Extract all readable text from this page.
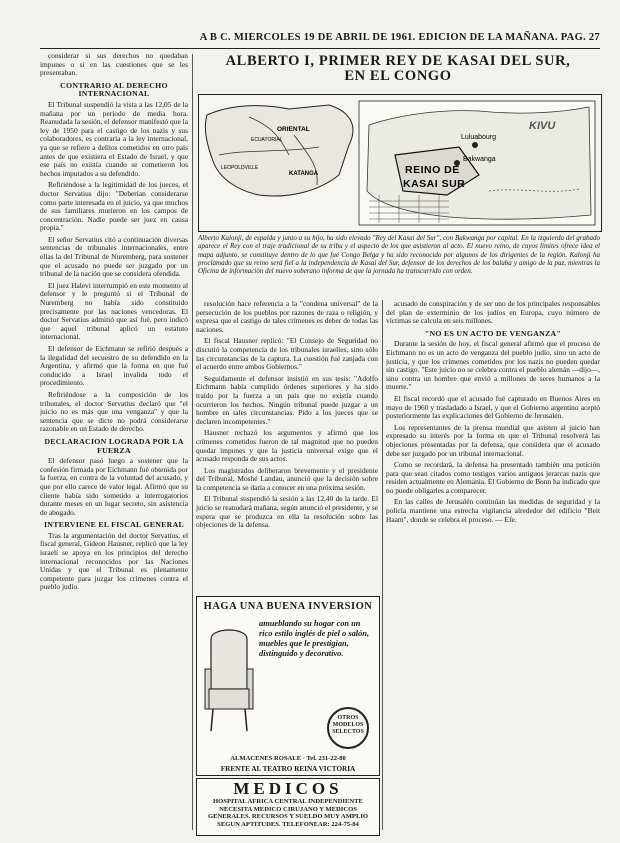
A B C. MIERCOLES 19 DE ABRIL DE 1961. EDICION DE LA MAÑANA. PAG. 27

considerar si sus derechos no quedaban impunes o si en las cuestiones que se les presentaban.

CONTRARIO AL DERECHO INTERNACIONAL

El Tribunal suspendió la vista a las 12,05 de la mañana por un período de media hora. Reanudada la sesión, el defensor manifestó que la ley de 1950 para el castigo de los nazis y sus colaboradores, es contraria a la ley internacional, ya que se refiere a delitos cometidos en otro país antes de que existiera el Estado de Israel, y que ese país no existía cuando se cometieron los hechos imputados a su defendido.

Refiriéndose a la legitimidad de los jueces, el doctor Servatius dijo: "Deberían considerarse como parte interesada en el juicio, ya que muchos de sus familiares murieron en los campos de concentración. Nadie puede ser juez en causa propia."

El señor Servatius citó a continuación diversas sentencias de tribunales internacionales, entre ellas la del Tribunal de Nuremberg, para sostener que el acusado no puede ser juzgado por un tribunal de la nación que se considera ofendida.

El juez Halevi interrumpió en este momento al defensor y le preguntó si el Tribunal de Nuremberg no había sido constituido precisamente por las naciones vencedoras. El doctor Servatius admitió que así fué, pero indicó que aquel tribunal aplicó un estatuto internacional.

El defensor de Eichmann se refirió después a la ilegalidad del secuestro de su defendido en la Argentina, y afirmó que la forma en que fué conducido a Israel invalida todo el procedimiento.

Refiriéndose a la composición de los tribunales, el doctor Servatius declaró que "el juicio no es más que una venganza" y que la sentencia que se dicte no podrá considerarse razonable en un Estado de derecho.

DECLARACION LOGRADA POR LA FUERZA

El defensor pasó luego a sostener que la confesión firmada por Eichmann fué obtenida por la fuerza, en contra de la voluntad del acusado, y que por ello carece de valor legal. Afirmó que su cliente había sido sometido a interrogatorios durante meses en un lugar secreto, sin asistencia de abogado.

INTERVIENE EL FISCAL GENERAL

Tras la argumentación del doctor Servatius, el fiscal general, Gideon Hausner, replicó que la ley israelí se apoya en los principios del derecho internacional reconocidos por las Naciones Unidas y que el Tribunal es plenamente competente para juzgar los crímenes contra el pueblo judío.

ALBERTO I, PRIMER REY DE KASAI DEL SUR,
EN EL CONGO
ORIENTAL
ECUATORIAL
LEOPOLDVILLE
KATANGA
Luluabourg
Bakwanga
KIVU
REINO DE
KASAI SUR
Alberto Kalonji, de espalda y junto a su hijo, ha sido elevado "Rey del Kasai del Sur", con Bakwanga por capital. En la izquierda del grabado aparece el Rey con el traje tradicional de su tribu y el aspecto de los que asistieron al acto. El nuevo reino, de cuyos límites ofrece idea el mapa adjunto, se constituye dentro de lo que fué Congo Belga y ha sido reconocido por algunos de los dirigentes de la región. Kalonji ha proclamado que su reino será fiel a la independencia de Kasai del Sur, defensor de los derechos de los baluba y amigo de la paz, mientras la Oficina de información del nuevo soberano informa de que la jornada ha transcurrido con orden.

resolución hace referencia a la "condena universal" de la persecución de los pueblos por razones de raza o religión, y expresa que el castigo de tales crímenes es deber de todas las naciones.

El fiscal Hausner replicó: "El Consejo de Seguridad no discutió la competencia de los tribunales israelíes, sino sólo las circunstancias de la captura. La cuestión fué zanjada con el acuerdo entre ambos Gobiernos."

Seguidamente el defensor insistió en sus tesis: "Adolfo Eichmann había cumplido órdenes superiores y ha sido traído por la fuerza a un país que no existía cuando ocurrieron los hechos. Ningún tribunal puede juzgar a un hombre en tales circunstancias. Pido a los jueces que se declaren incompetentes."

Hausner rechazó los argumentos y afirmó que los crímenes cometidos fueron de tal magnitud que no pueden quedar impunes y que la justicia universal exige que el acusado responda de sus actos.

Los magistrados deliberaron brevemente y el presidente del Tribunal, Moshé Landau, anunció que la decisión sobre la competencia se daría a conocer en una próxima sesión.

El Tribunal suspendió la sesión a las 12,40 de la tarde. El juicio se reanudará mañana, según anunció el presidente, y se espera que se produzca en ella la resolución sobre las objeciones de la defensa.

acusado de conspiración y de ser uno de los principales responsables del plan de exterminio de los judíos en Europa, cuyo número de víctimas se calcula en seis millones.

"NO ES UN ACTO DE VENGANZA"

Durante la sesión de hoy, el fiscal general afirmó que el proceso de Eichmann no es un acto de venganza del pueblo judío, sino un acto de justicia, y que los crímenes cometidos por los nazis no pueden quedar sin castigo. "Este juicio no se celebra contra el pueblo alemán —dijo—, sino contra un hombre que envió a millones de seres humanos a la muerte."

El fiscal recordó que el acusado fué capturado en Buenos Aires en mayo de 1960 y trasladado a Israel, y que el Gobierno argentino aceptó posteriormente las explicaciones del Gobierno de Jerusalén.

Los representantes de la prensa mundial que asisten al juicio han expresado su interés por la forma en que el Tribunal resolverá las objeciones presentadas por la defensa, que considera que el acusado debe ser juzgado por un tribunal internacional.

Como se recordará, la defensa ha presentado también una petición para que sean citados como testigos varios antiguos jerarcas nazis que residen actualmente en Alemania. El Gobierno de Bonn ha indicado que no puede obligarles a comparecer.

En las calles de Jerusalén continúan las medidas de seguridad y la policía mantiene una estrecha vigilancia alrededor del edificio "Beit Haam", donde se celebra el proceso. — Efe.

HAGA UNA BUENA INVERSION
amueblando su hogar con un rico estilo inglés de piel o salón, muebles que le prestigian, distinguido y decorativo.
OTROS
MODELOS
SELECTOS
ALMACENES ROSALE · Tel. 231-22-80
FRENTE AL TEATRO REINA VICTORIA
MEDICOS
HOSPITAL AFRICA CENTRAL INDEPENDIENTE NECESITA MEDICO CIRUJANO Y MEDICOS GENERALES. RECURSOS Y SUELDO MUY AMPLIO SEGUN APTITUDES. TELEFONEAR: 224-75-84
